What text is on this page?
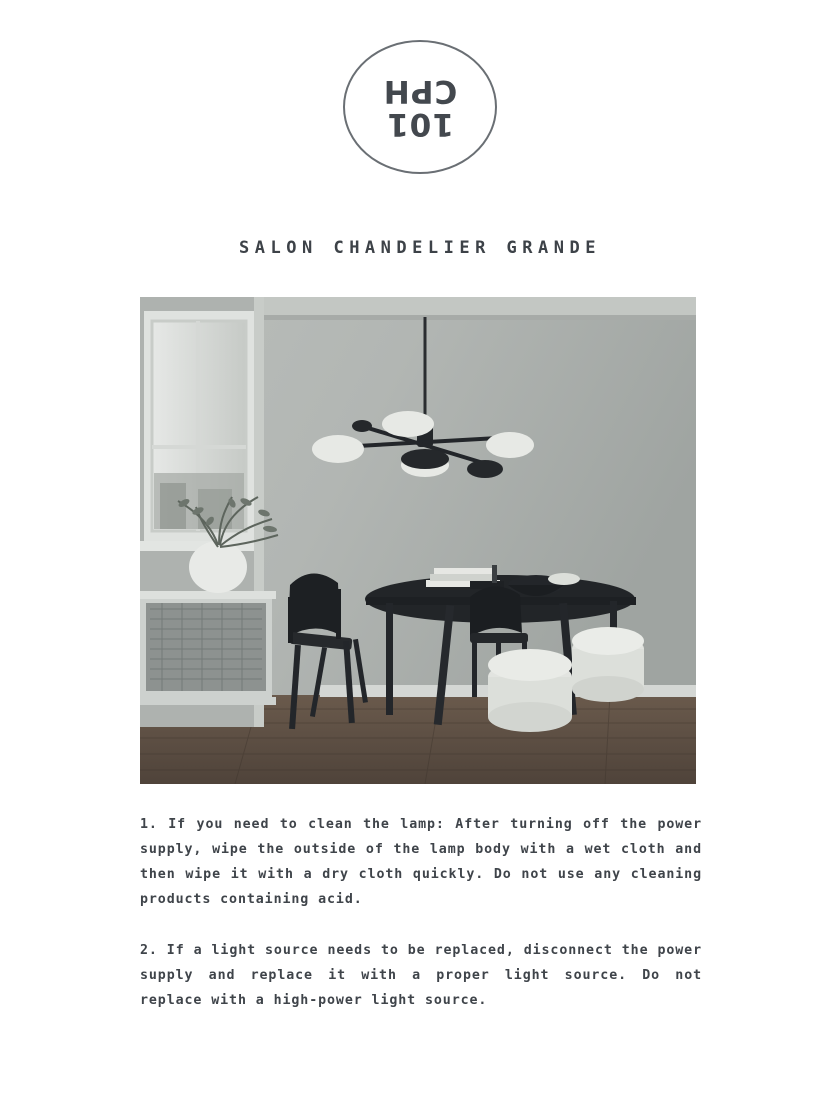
101
CPH
SALON CHANDELIER GRANDE
1. If you need to clean the lamp: After turning off the power supply, wipe the outside of the lamp body with a wet cloth and then wipe it with a dry cloth quickly. Do not use any cleaning products containing acid.
2. If a light source needs to be replaced, disconnect the power supply and replace it with a proper light source. Do not replace with a high-power light source.
